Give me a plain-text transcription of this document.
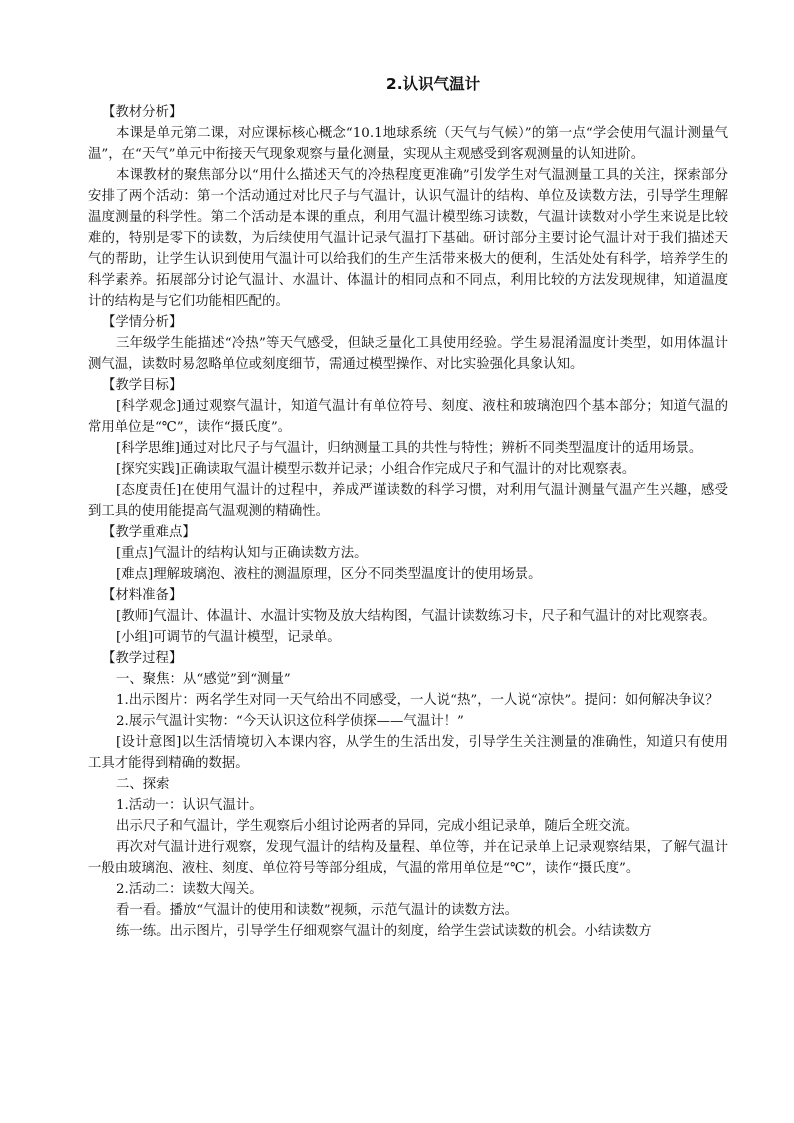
2.认识气温计

【教材分析】

本课是单元第二课，对应课标核心概念“10.1地球系统（天气与气候）”的第一点“学会使用气温计测量气温”，在“天气”单元中衔接天气现象观察与量化测量，实现从主观感受到客观测量的认知进阶。

本课教材的聚焦部分以“用什么描述天气的冷热程度更准确”引发学生对气温测量工具的关注，探索部分安排了两个活动：第一个活动通过对比尺子与气温计，认识气温计的结构、单位及读数方法，引导学生理解温度测量的科学性。第二个活动是本课的重点，利用气温计模型练习读数，气温计读数对小学生来说是比较难的，特别是零下的读数，为后续使用气温计记录气温打下基础。研讨部分主要讨论气温计对于我们描述天气的帮助，让学生认识到使用气温计可以给我们的生产生活带来极大的便利，生活处处有科学，培养学生的科学素养。拓展部分讨论气温计、水温计、体温计的相同点和不同点，利用比较的方法发现规律，知道温度计的结构是与它们功能相匹配的。

【学情分析】

三年级学生能描述“冷热”等天气感受，但缺乏量化工具使用经验。学生易混淆温度计类型，如用体温计测气温，读数时易忽略单位或刻度细节，需通过模型操作、对比实验强化具象认知。

【教学目标】

[科学观念]通过观察气温计，知道气温计有单位符号、刻度、液柱和玻璃泡四个基本部分；知道气温的常用单位是“℃”，读作“摄氏度”。

[科学思维]通过对比尺子与气温计，归纳测量工具的共性与特性；辨析不同类型温度计的适用场景。

[探究实践]正确读取气温计模型示数并记录；小组合作完成尺子和气温计的对比观察表。

[态度责任]在使用气温计的过程中，养成严谨读数的科学习惯，对利用气温计测量气温产生兴趣，感受到工具的使用能提高气温观测的精确性。

【教学重难点】

[重点]气温计的结构认知与正确读数方法。

[难点]理解玻璃泡、液柱的测温原理，区分不同类型温度计的使用场景。

【材料准备】

[教师]气温计、体温计、水温计实物及放大结构图，气温计读数练习卡，尺子和气温计的对比观察表。

[小组]可调节的气温计模型，记录单。

【教学过程】

一、聚焦：从“感觉”到“测量”

1.出示图片：两名学生对同一天气给出不同感受，一人说“热”，一人说“凉快”。提问：如何解决争议？

2.展示气温计实物：“今天认识这位科学侦探——气温计！”

[设计意图]以生活情境切入本课内容，从学生的生活出发，引导学生关注测量的准确性，知道只有使用工具才能得到精确的数据。

二、探索

1.活动一：认识气温计。

出示尺子和气温计，学生观察后小组讨论两者的异同，完成小组记录单，随后全班交流。

再次对气温计进行观察，发现气温计的结构及量程、单位等，并在记录单上记录观察结果，了解气温计一般由玻璃泡、液柱、刻度、单位符号等部分组成，气温的常用单位是“℃”，读作“摄氏度”。

2.活动二：读数大闯关。

看一看。播放“气温计的使用和读数”视频，示范气温计的读数方法。

练一练。出示图片，引导学生仔细观察气温计的刻度，给学生尝试读数的机会。小结读数方
